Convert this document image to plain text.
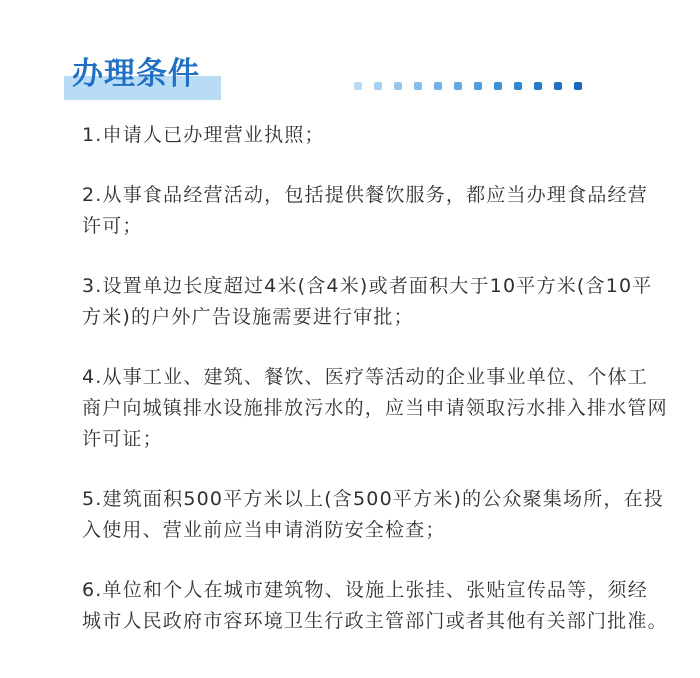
办理条件

1.申请人已办理营业执照；

2.从事食品经营活动，包括提供餐饮服务，都应当办理食品经营许可；

3.设置单边长度超过4米(含4米)或者面积大于10平方米(含10平方米)的户外广告设施需要进行审批；

4.从事工业、建筑、餐饮、医疗等活动的企业事业单位、个体工商户向城镇排水设施排放污水的，应当申请领取污水排入排水管网许可证；

5.建筑面积500平方米以上(含500平方米)的公众聚集场所，在投入使用、营业前应当申请消防安全检查；

6.单位和个人在城市建筑物、设施上张挂、张贴宣传品等，须经城市人民政府市容环境卫生行政主管部门或者其他有关部门批准。
